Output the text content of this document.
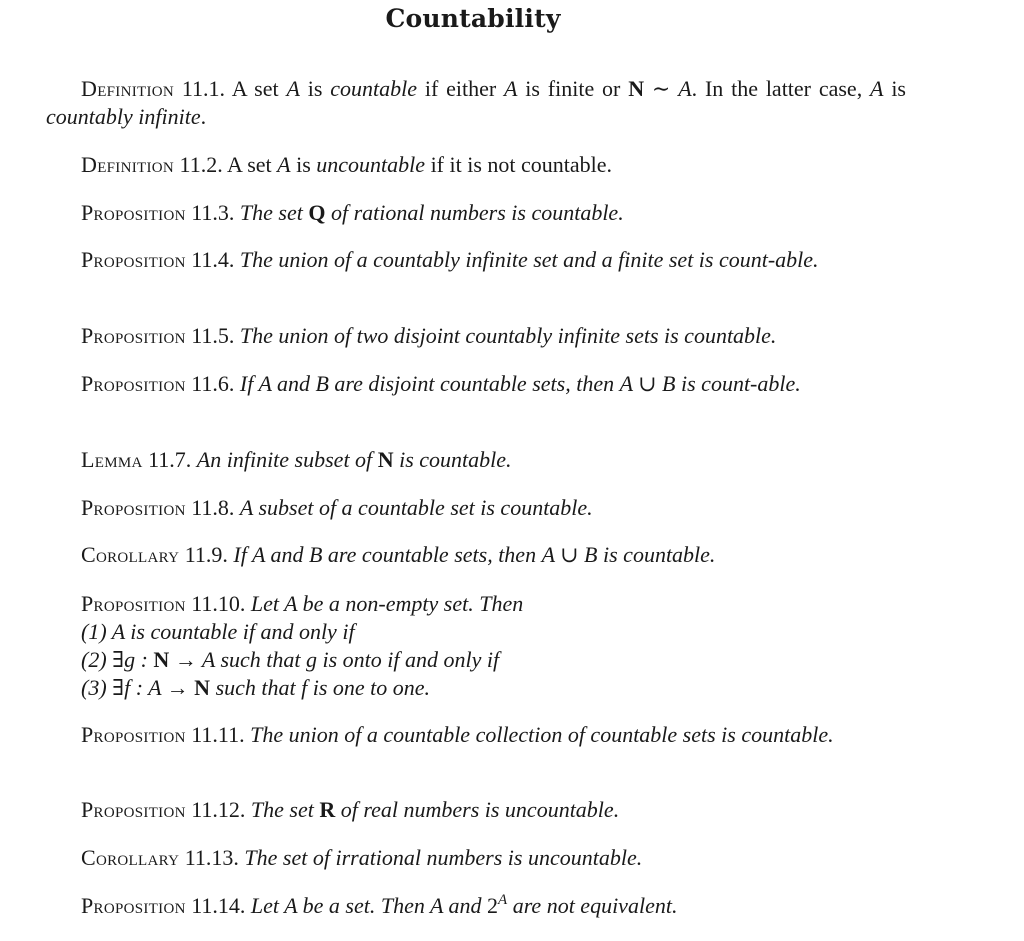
Countability
Definition 11.1. A set A is countable if either A is finite or N ∼ A. In the latter case, A is countably infinite.
Definition 11.2. A set A is uncountable if it is not countable.
Proposition 11.3. The set Q of rational numbers is countable.
Proposition 11.4. The union of a countably infinite set and a finite set is count-able.
Proposition 11.5. The union of two disjoint countably infinite sets is countable.
Proposition 11.6. If A and B are disjoint countable sets, then A ∪ B is count-able.
Lemma 11.7. An infinite subset of N is countable.
Proposition 11.8. A subset of a countable set is countable.
Corollary 11.9. If A and B are countable sets, then A ∪ B is countable.
Proposition 11.10. Let A be a non-empty set. Then
(1) A is countable if and only if
(2) ∃g : N → A such that g is onto if and only if
(3) ∃f : A → N such that f is one to one.
Proposition 11.11. The union of a countable collection of countable sets is countable.
Proposition 11.12. The set R of real numbers is uncountable.
Corollary 11.13. The set of irrational numbers is uncountable.
Proposition 11.14. Let A be a set. Then A and $2^A$ are not equivalent.
